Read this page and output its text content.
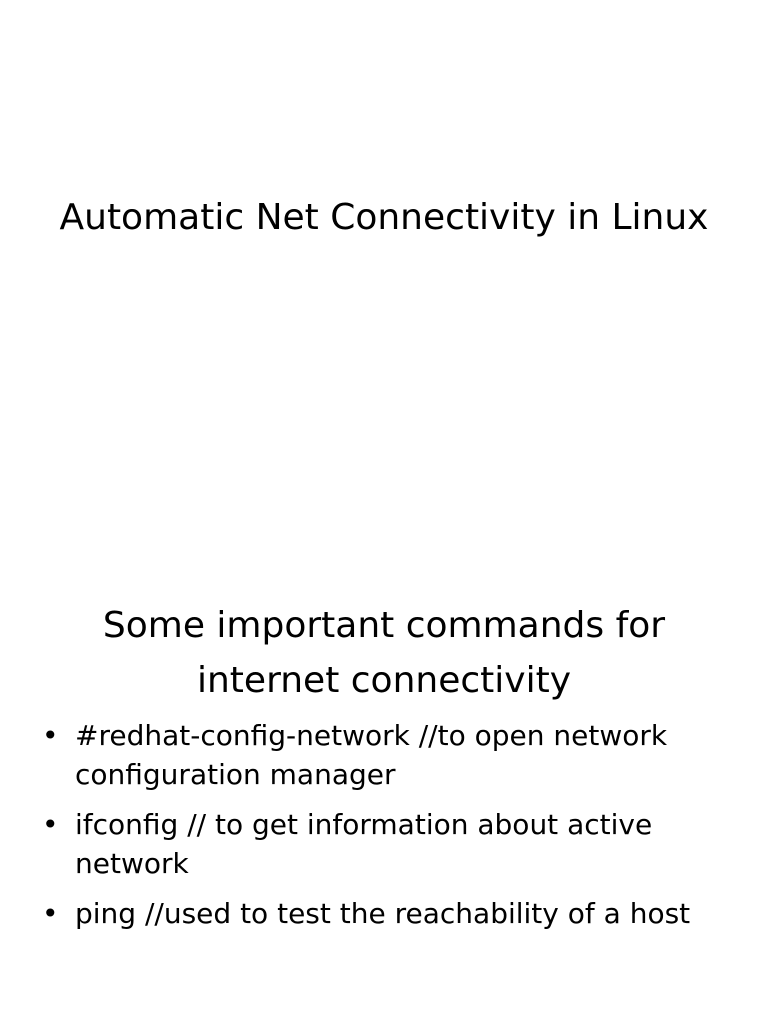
Automatic Net Connectivity in Linux
Some important commands for internet connectivity
• #redhat-config-network //to open network configuration manager
• ifconfig // to get information about active network
• ping //used to test the reachability of a host
